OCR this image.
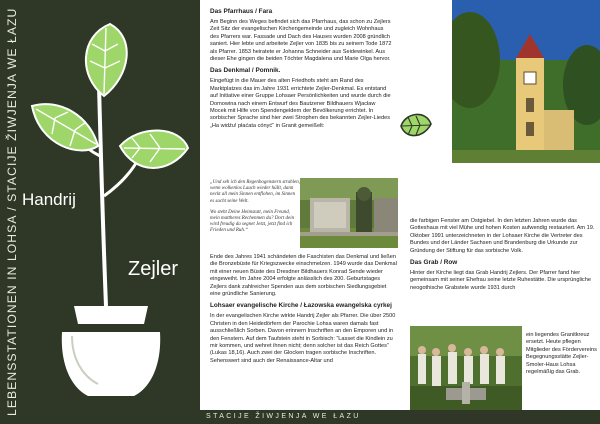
LEBENSSTATIONEN IN LOHSA / STACIJE ŽIWJENJA WE ŁAZU Handrij
Zejler
Das Pfarrhaus / Fara
Am Beginn des Weges befindet sich das Pfarrhaus, das schon zu Zejlers Zeit Sitz der evangelischen Kirchengemeinde und zugleich Wohnhaus des Pfarrers war. Fassade und Dach des Hauses wurden 2008 gründlich saniert. Hier lebte und arbeitete Zejler von 1835 bis zu seinem Tode 1872 als Pfarrer. 1853 heiratete er Johanna Schneider aus Seidewinkel. Aus dieser Ehe gingen die beiden Töchter Magdalena und Marie Olga hervor.
Das Denkmal / Pomnik.
Eingefügt in die Mauer des alten Friedhofs steht am Rand des Marktplatzes das im Jahre 1931 errichtete Zejler-Denkmal. Es entstand auf Initiative einer Gruppe Lohsaer Persönlichkeiten und wurde durch die Domowina nach einem Entwurf des Bautzener Bildhauers Wjacław Mocek mit Hilfe von Spendengeldern der Bevölkerung errichtet. In sorbischer Sprache sind hier zwei Strophen des bekannten Zejler-Liedes „Ha widźu! płaćata cónyć“ in Granit gemeißelt:

„Und seh ich den Regenbogenstern strahlen, wenn wolkenlos Lauch wieder hüllt, dann neckt all mein Sinnen entflohen, im Sinnen es sucht seine Welt.

Wo steht Deine Heimstatt, mein Freund, mein mattheres Rechenmen du? Dort dein wird freudig da segnet Jetzt, jetzt find ich Frieden und Ruh.“

Ende des Jahres 1941 schändeten die Faschisten das Denkmal und ließen die Bronzebüste für Kriegszwecke einschmelzen. 1949 wurde das Denkmal mit einer neuen Büste des Dresdner Bildhauers Konrad Sende wieder eingeweiht. Im Jahre 2004 erfolgte anlässlich des 200. Geburtstages Zejlers dank zahlreicher Spenden aus dem sorbischen Siedlungsgebiet eine gründliche Sanierung.
Lohsaer evangelische Kirche / Łazowska ewangelska cyrkej
In der evangelischen Kirche wirkte Handrij Zejler als Pfarrer. Die über 2500 Christen in den Heidedörfern der Parochie Lohsa waren damals fast ausschließlich Sorben. Davon erinnern Inschriften an den Emporen und in den Fenstern. Auf dem Taufstein steht in Sorbisch: “Lasset die Kindlein zu mir kommen, und wehret ihnen nicht; denn solcher ist das Reich Gottes” (Lukas 18,16). Auch zwei der Glocken tragen sorbische Inschriften. Sehenswert sind auch der Renaissance-Altar und
die farbigen Fenster am Ostgiebel. In den letzten Jahren wurde das Gotteshaus mit viel Mühe und hohen Kosten aufwendig restauriert. Am 19. Oktober 1991 unterzeichneten in der Lohsaer Kirche die Vertreter des Bundes und der Länder Sachsen und Brandenburg die Urkunde zur Gründung der Stiftung für das sorbische Volk.
Das Grab / Row
Hinter der Kirche liegt das Grab Handrij Zejlers. Der Pfarrer fand hier gemeinsam mit seiner Ehefrau seine letzte Ruhestätte. Die ursprüngliche neogothische Grabstele wurde 1931 durch
ein liegendes Granitkreuz ersetzt. Heute pflegen Mitglieder des Fördervereins Begegnungsstätte Zejler- Smoler-Haus Lohsa regelmäßig das Grab.
STACIJE ŽIWJENJA WE ŁAZU	Förderverein Begegnungsstätte Zejler-Smoler-Haus Lohsa e.V.
